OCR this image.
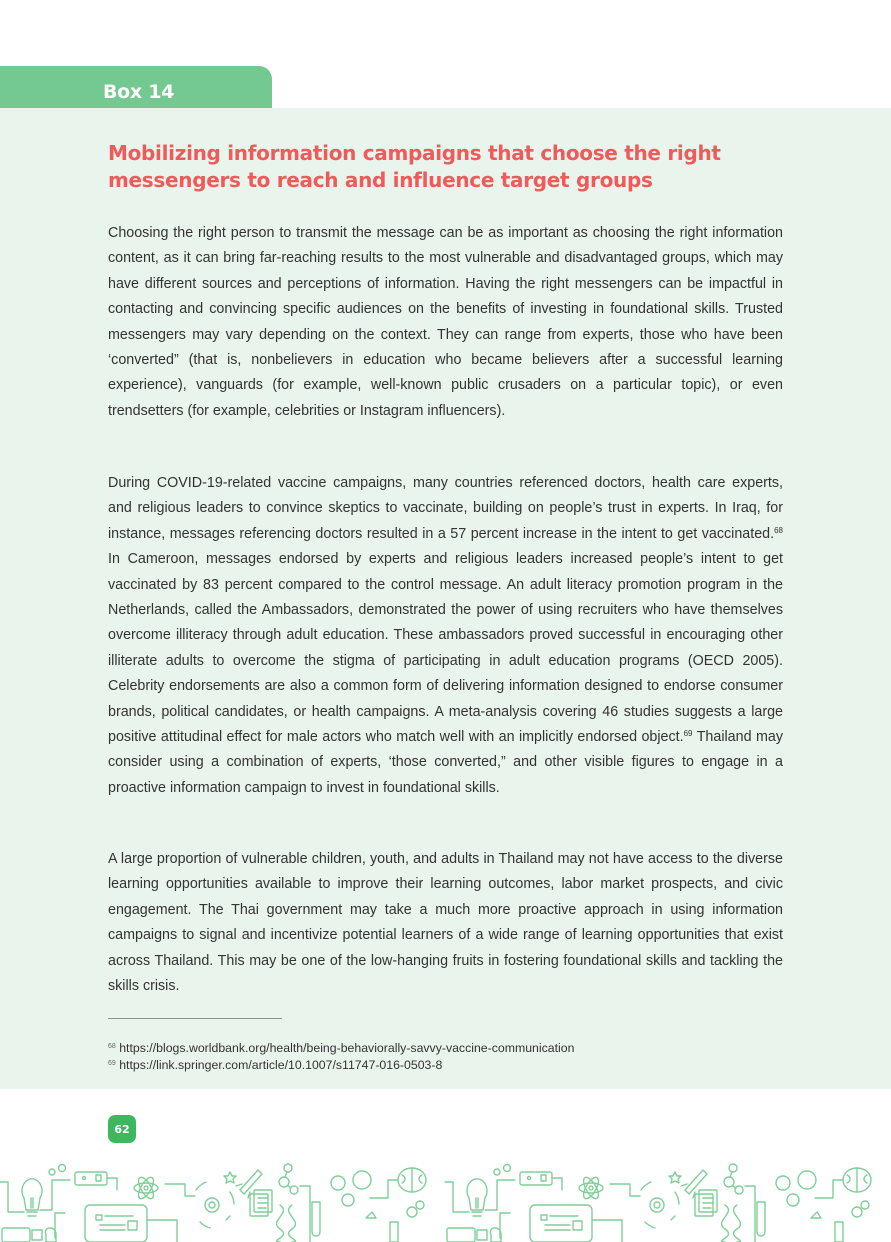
Box 14
Mobilizing information campaigns that choose the right messengers to reach and influence target groups

Choosing the right person to transmit the message can be as important as choosing the right information content, as it can bring far-reaching results to the most vulnerable and disadvantaged groups, which may have different sources and perceptions of information. Having the right messengers can be impactful in contacting and convincing specific audiences on the benefits of investing in foundational skills. Trusted messengers may vary depending on the context. They can range from experts, those who have been ‘converted” (that is, nonbelievers in education who became believers after a successful learning experience), vanguards (for example, well-known public crusaders on a particular topic), or even trendsetters (for example, celebrities or Instagram influencers).

During COVID-19-related vaccine campaigns, many countries referenced doctors, health care experts, and religious leaders to convince skeptics to vaccinate, building on people’s trust in experts. In Iraq, for instance, messages referencing doctors resulted in a 57 percent increase in the intent to get vaccinated.$^{68}$ In Cameroon, messages endorsed by experts and religious leaders increased people’s intent to get vaccinated by 83 percent compared to the control message. An adult literacy promotion program in the Netherlands, called the Ambassadors, demonstrated the power of using recruiters who have themselves overcome illiteracy through adult education. These ambassadors proved successful in encouraging other illiterate adults to overcome the stigma of participating in adult education programs (OECD 2005). Celebrity endorsements are also a common form of delivering information designed to endorse consumer brands, political candidates, or health campaigns. A meta-analysis covering 46 studies suggests a large positive attitudinal effect for male actors who match well with an implicitly endorsed object.$^{69}$ Thailand may consider using a combination of experts, ‘those converted,” and other visible figures to engage in a proactive information campaign to invest in foundational skills.

A large proportion of vulnerable children, youth, and adults in Thailand may not have access to the diverse learning opportunities available to improve their learning outcomes, labor market prospects, and civic engagement. The Thai government may take a much more proactive approach in using information campaigns to signal and incentivize potential learners of a wide range of learning opportunities that exist across Thailand. This may be one of the low-hanging fruits in fostering foundational skills and tackling the skills crisis.

$^{68}$ https://blogs.worldbank.org/health/being-behaviorally-savvy-vaccine-communication
$^{69}$ https://link.springer.com/article/10.1007/s11747-016-0503-8
62
